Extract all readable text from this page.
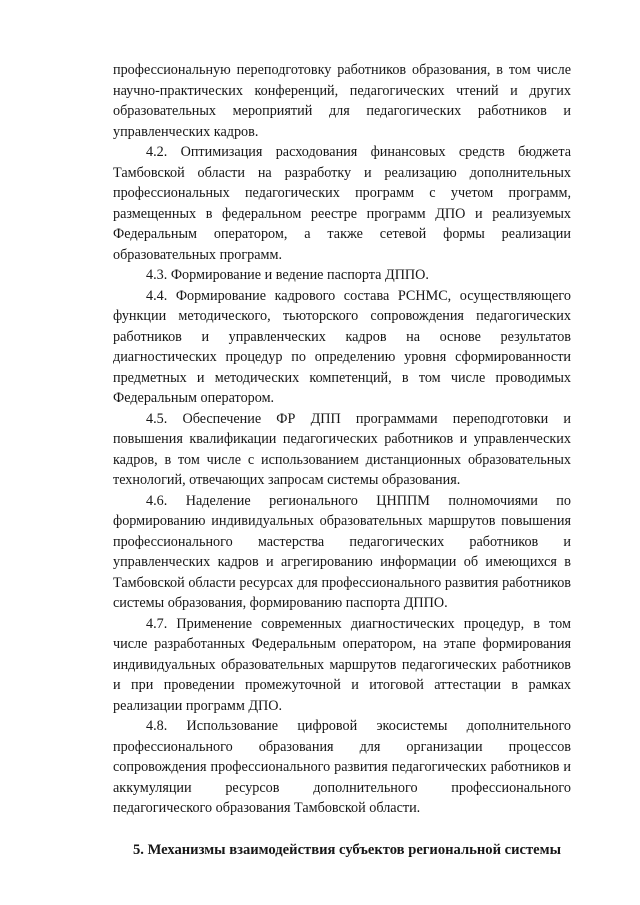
профессиональную переподготовку работников образования, в том числе научно-практических конференций, педагогических чтений и других образовательных мероприятий для педагогических работников и управленческих кадров.

4.2. Оптимизация расходования финансовых средств бюджета Тамбовской области на разработку и реализацию дополнительных профессиональных педагогических программ с учетом программ, размещенных в федеральном реестре программ ДПО и реализуемых Федеральным оператором, а также сетевой формы реализации образовательных программ.

4.3. Формирование и ведение паспорта ДППО.

4.4. Формирование кадрового состава РСНМС, осуществляющего функции методического, тьюторского сопровождения педагогических работников и управленческих кадров на основе результатов диагностических процедур по определению уровня сформированности предметных и методических компетенций, в том числе проводимых Федеральным оператором.

4.5. Обеспечение ФР ДПП программами переподготовки и повышения квалификации педагогических работников и управленческих кадров, в том числе с использованием дистанционных образовательных технологий, отвечающих запросам системы образования.

4.6. Наделение регионального ЦНППМ полномочиями по формированию индивидуальных образовательных маршрутов повышения профессионального мастерства педагогических работников и управленческих кадров и агрегированию информации об имеющихся в Тамбовской области ресурсах для профессионального развития работников системы образования, формированию паспорта ДППО.

4.7. Применение современных диагностических процедур, в том числе разработанных Федеральным оператором, на этапе формирования индивидуальных образовательных маршрутов педагогических работников и при проведении промежуточной и итоговой аттестации в рамках реализации программ ДПО.

4.8. Использование цифровой экосистемы дополнительного профессионального образования для организации процессов сопровождения профессионального развития педагогических работников и аккумуляции ресурсов дополнительного профессионального педагогического образования Тамбовской области.

5. Механизмы взаимодействия субъектов региональной системы
